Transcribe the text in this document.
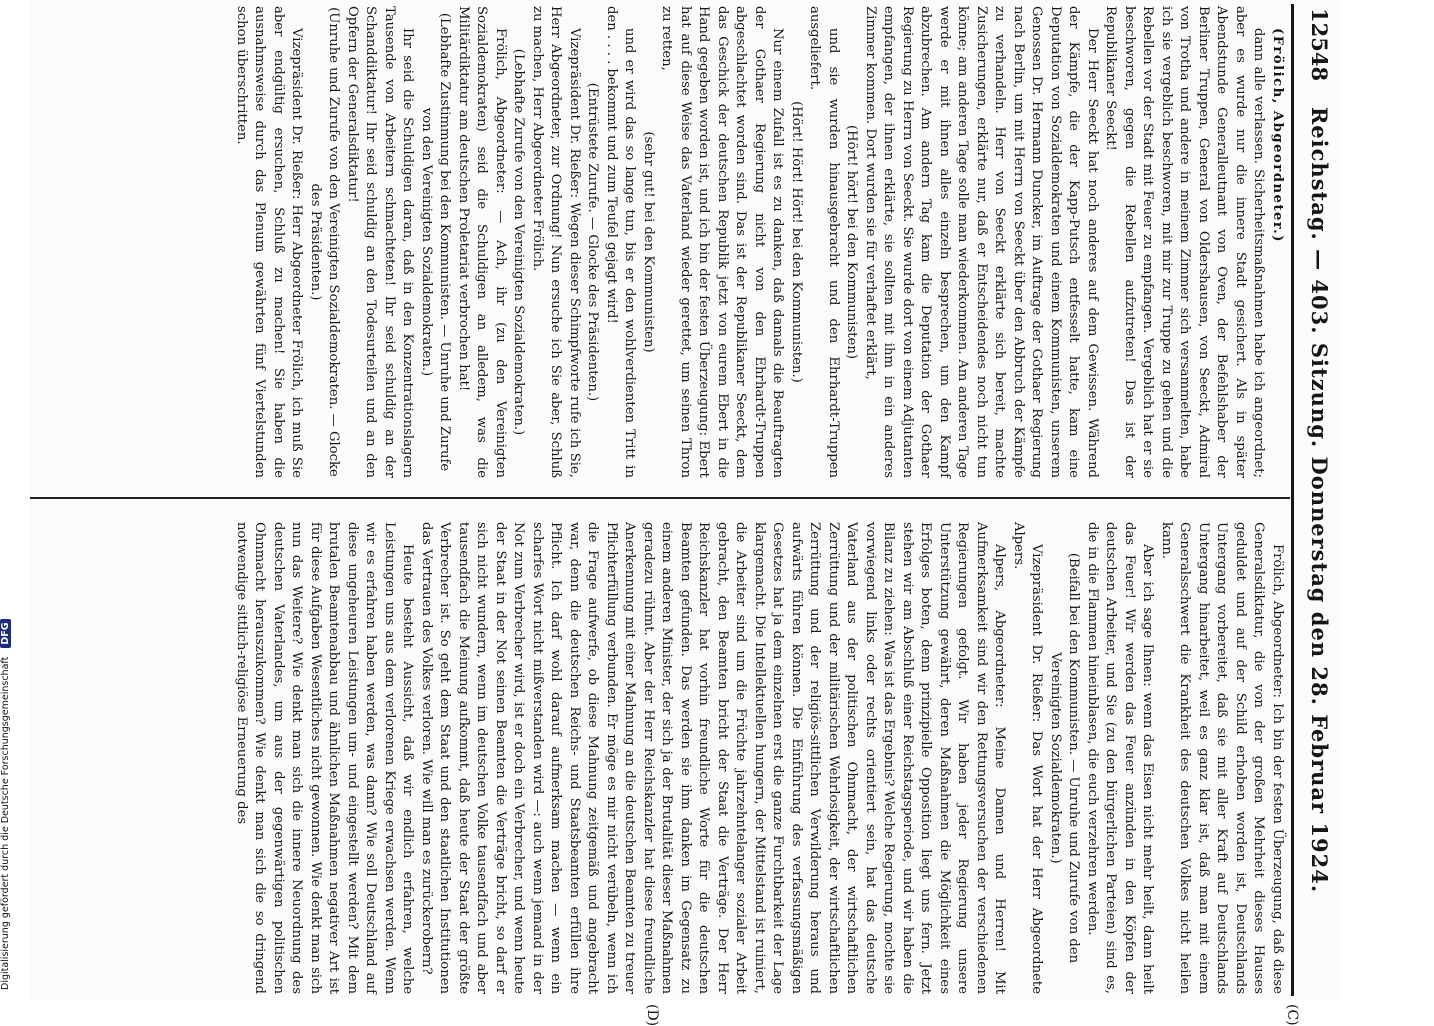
12548
Reichstag. — 403. Sitzung. Donnerstag den 28. Februar 1924.
(C)
(D)

(Frölich, Abgeordneter.)

dann alle verlassen. Sicherheitsmaßnahmen habe ich angeordnet; aber es wurde nur die innere Stadt gesichert. Als in später Abendstunde Generalleutnant von Oven, der Befehlshaber der Berliner Truppen, General von Oldershausen, von Seeckt, Admiral von Trotha und andere in meinem Zimmer sich versammelten, habe ich sie vergeblich beschworen, mit mir zur Truppe zu gehen und die Rebellen vor der Stadt mit Feuer zu empfangen. Vergeblich hat er sie beschworen, gegen die Rebellen aufzutreten! Das ist der Republikaner Seeckt!

Der Herr Seeckt hat noch anderes auf dem Gewissen. Während der Kämpfe, die der Kapp-Putsch entfesselt hatte, kam eine Deputation von Sozialdemokraten und einem Kommunisten, unserem Genossen Dr. Hermann Duncker, im Auftrage der Gothaer Regierung nach Berlin, um mit Herrn von Seeckt über den Abbruch der Kämpfe zu verhandeln. Herr von Seeckt erklärte sich bereit, machte Zusicherungen, erklärte nur, daß er Entscheidendes noch nicht tun könne; am anderen Tage solle man wiederkommen. Am anderen Tage werde er mit ihnen alles einzeln besprechen, um den Kampf abzubrechen. Am andern Tag kam die Deputation der Gothaer Regierung zu Herrn von Seeckt. Sie wurde dort von einem Adjutanten empfangen, der ihnen erklärte, sie sollten mit ihm in ein anderes Zimmer kommen. Dort wurden sie für verhaftet erklärt,

(Hört! hört! bei den Kommunisten)

und sie wurden hinausgebracht und den Ehrhardt-Truppen ausgeliefert.

(Hört! Hört! Hört! bei den Kommunisten.)

Nur einem Zufall ist es zu danken, daß damals die Beauftragten der Gothaer Regierung nicht von den Ehrhardt-Truppen abgeschlachtet worden sind. Das ist der Republikaner Seeckt, dem das Geschick der deutschen Republik jetzt von eurem Ebert in die Hand gegeben worden ist, und ich bin der festen Überzeugung: Ebert hat auf diese Weise das Vaterland wieder gerettet, um seinen Thron zu retten,

(sehr gut! bei den Kommunisten)

und er wird das so lange tun, bis er den wohlverdienten Tritt in den . . . . bekommt und zum Teufel gejagt wird!

(Entrüstete Zurufe. — Glocke des Präsidenten.)

Vizepräsident Dr. Rießer: Wegen dieser Schimpfworte rufe ich Sie, Herr Abgeordneter, zur Ordnung! Nun ersuche ich Sie aber, Schluß zu machen, Herr Abgeordneter Frölich.

(Lebhafte Zurufe von den Vereinigten Sozialdemokraten.)

Frölich, Abgeordneter: — Ach, ihr (zu den Vereinigten Sozialdemokraten) seid die Schuldigen an alledem, was die Militärdiktatur am deutschen Proletariat verbrochen hat!

(Lebhafte Zustimmung bei den Kommunisten. — Unruhe und Zurufe von den Vereinigten Sozialdemokraten.)

Ihr seid die Schuldigen daran, daß in den Konzentrationslagern Tausende von Arbeitern schmachteten! Ihr seid schuldig an der Schanddiktatur! Ihr seid schuldig an den Todesurteilen und an den Opfern der Generalsdiktatur!

(Unruhe und Zurufe von den Vereinigten Sozialdemokraten. — Glocke des Präsidenten.)

Vizepräsident Dr. Rießer: Herr Abgeordneter Frölich, ich muß Sie aber endgültig ersuchen, Schluß zu machen! Sie haben die ausnahmsweise durch das Plenum gewährten fünf Viertelstunden schon überschritten.

Frölich, Abgeordneter: Ich bin der festen Überzeugung, daß diese Generalsdiktatur, die von der großen Mehrheit dieses Hauses geduldet und auf der Schild erhoben worden ist, Deutschlands Untergang vorbereitet, daß sie mit aller Kraft auf Deutschlands Untergang hinarbeitet, weil es ganz klar ist, daß man mit einem Generalsschwert die Krankheit des deutschen Volkes nicht heilen kann.

Aber ich sage Ihnen: wenn das Eisen nicht mehr heilt, dann heilt das Feuer! Wir werden das Feuer anzünden in den Köpfen der deutschen Arbeiter, und Sie (zu den bürgerlichen Parteien) sind es, die in die Flammen hineinblasen, die euch verzehren werden.

(Beifall bei den Kommunisten. — Unruhe und Zurufe von den Vereinigten Sozialdemokraten.)

Vizepräsident Dr. Rießer: Das Wort hat der Herr Abgeordnete Alpers.

Alpers, Abgeordneter: Meine Damen und Herren! Mit Aufmerksamkeit sind wir den Rettungsversuchen der verschiedenen Regierungen gefolgt. Wir haben jeder Regierung unsere Unterstützung gewährt, deren Maßnahmen die Möglichkeit eines Erfolges boten, denn prinzipielle Opposition liegt uns fern. Jetzt stehen wir am Abschluß einer Reichstagsperiode, und wir haben die Bilanz zu ziehen: Was ist das Ergebnis? Welche Regierung, mochte sie vorwiegend links oder rechts orientiert sein, hat das deutsche Vaterland aus der politischen Ohnmacht, der wirtschaftlichen Zerrüttung und der militärischen Wehrlosigkeit, der wirtschaftlichen Zerrüttung und der religiös-sittlichen Verwilderung heraus und aufwärts führen können. Die Einführung des verfassungsmäßigen Gesetzes hat ja dem einzelnen erst die ganze Furchtbarkeit der Lage klargemacht. Die Intellektuellen hungern, der Mittelstand ist ruiniert, die Arbeiter sind um die Früchte jahrzehntelanger sozialer Arbeit gebracht, den Beamten bricht der Staat die Verträge. Der Herr Reichskanzler hat vorhin freundliche Worte für die deutschen Beamten gefunden. Das werden sie ihm danken im Gegensatz zu einem anderen Minister, der sich ja der Brutalität dieser Maßnahmen geradezu rühmt. Aber der Herr Reichskanzler hat diese freundliche Anerkennung mit einer Mahnung an die deutschen Beamten zu treuer Pflichterfüllung verbunden. Er möge es mir nicht verübeln, wenn ich die Frage aufwerfe, ob diese Mahnung zeitgemäß und angebracht war, denn die deutschen Reichs- und Staatsbeamten erfüllen ihre Pflicht. Ich darf wohl darauf aufmerksam machen — wenn ein scharfes Wort nicht mißverstanden wird —: auch wenn jemand in der Not zum Verbrecher wird, ist er doch ein Verbrecher, und wenn heute der Staat in der Not seinen Beamten die Verträge bricht, so darf er sich nicht wundern, wenn im deutschen Volke tausendfach und aber tausendfach die Meinung aufkommt, daß heute der Staat der größte Verbrecher ist. So geht dem Staat und den staatlichen Institutionen das Vertrauen des Volkes verloren. Wie will man es zurückerobern?

Heute besteht Aussicht, daß wir endlich erfahren, welche Leistungen uns aus dem verlorenen Kriege erwachsen werden. Wenn wir es erfahren haben werden, was dann? Wie soll Deutschland auf diese ungeheuren Leistungen um- und eingestellt werden? Mit dem brutalen Beamtenabbau und ähnlichen Maßnahmen negativer Art ist für diese Aufgaben Wesentliches nicht gewonnen. Wie denkt man sich nun das Weitere? Wie denkt man sich die innere Neuordnung des deutschen Vaterlandes, um aus der gegenwärtigen politischen Ohnmacht herauszukommen? Wie denkt man sich die so dringend notwendige sittlich-religiöse Erneuerung des

Digitalisierung gefördert durch die Deutsche Forschungsgemeinschaft DFG
